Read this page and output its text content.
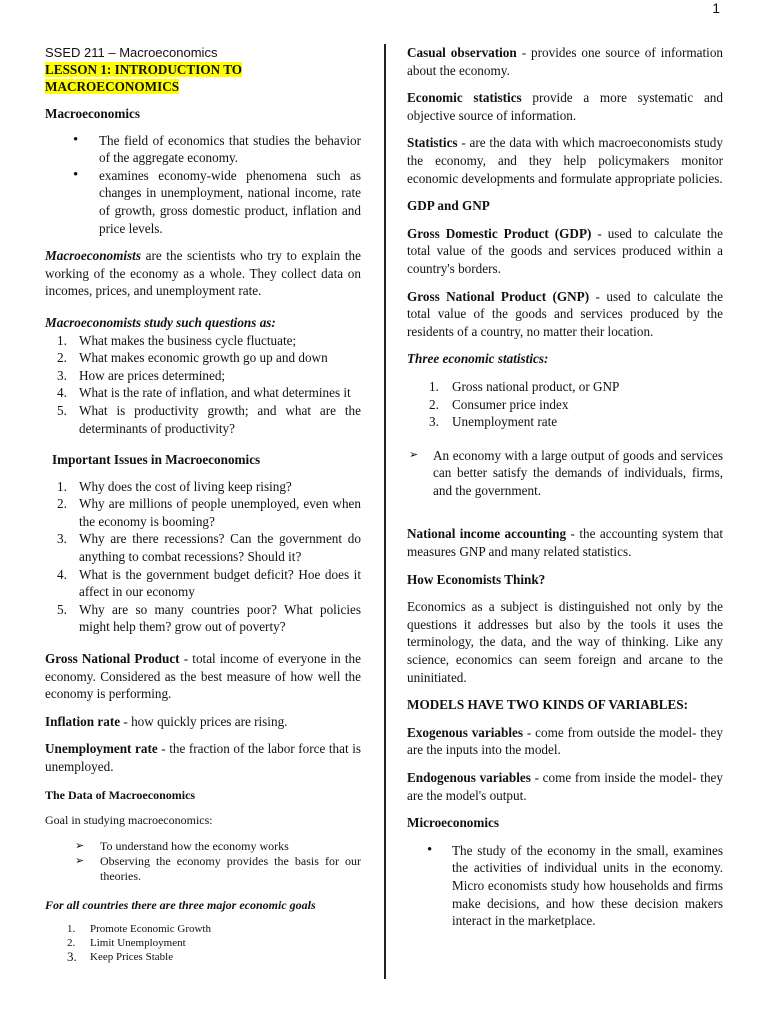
1
SSED 211 – Macroeconomics
LESSON 1: INTRODUCTION TO MACROECONOMICS

Macroeconomics

• The field of economics that studies the behavior of the aggregate economy.
• examines economy-wide phenomena such as changes in unemployment, national income, rate of growth, gross domestic product, inflation and price levels.

Macroeconomists are the scientists who try to explain the working of the economy as a whole. They collect data on incomes, prices, and unemployment rate.

Macroeconomists study such questions as:

1. What makes the business cycle fluctuate;
2. What makes economic growth go up and down
3. How are prices determined;
4. What is the rate of inflation, and what determines it
5. What is productivity growth; and what are the determinants of productivity?

Important Issues in Macroeconomics

1. Why does the cost of living keep rising?
2. Why are millions of people unemployed, even when the economy is booming?
3. Why are there recessions? Can the government do anything to combat recessions? Should it?
4. What is the government budget deficit? Hoe does it affect in our economy
5. Why are so many countries poor? What policies might help them? grow out of poverty?

Gross National Product - total income of everyone in the economy. Considered as the best measure of how well the economy is performing.

Inflation rate - how quickly prices are rising.

Unemployment rate - the fraction of the labor force that is unemployed.

The Data of Macroeconomics

Goal in studying macroeconomics:

➢ To understand how the economy works
➢ Observing the economy provides the basis for our theories.

For all countries there are three major economic goals

1. Promote Economic Growth
2. Limit Unemployment
3. Keep Prices Stable

Casual observation - provides one source of information about the economy.

Economic statistics provide a more systematic and objective source of information.

Statistics - are the data with which macroeconomists study the economy, and they help policymakers monitor economic developments and formulate appropriate policies.

GDP and GNP

Gross Domestic Product (GDP) - used to calculate the total value of the goods and services produced within a country's borders.

Gross National Product (GNP) - used to calculate the total value of the goods and services produced by the residents of a country, no matter their location.

Three economic statistics:

1. Gross national product, or GNP
2. Consumer price index
3. Unemployment rate
➢ An economy with a large output of goods and services can better satisfy the demands of individuals, firms, and the government.

National income accounting - the accounting system that measures GNP and many related statistics.

How Economists Think?

Economics as a subject is distinguished not only by the questions it addresses but also by the tools it uses the terminology, the data, and the way of thinking. Like any science, economics can seem foreign and arcane to the uninitiated.

MODELS HAVE TWO KINDS OF VARIABLES:

Exogenous variables - come from outside the model- they are the inputs into the model.

Endogenous variables - come from inside the model- they are the model's output.

Microeconomics

• The study of the economy in the small, examines the activities of individual units in the economy. Micro economists study how households and firms make decisions, and how these decision makers interact in the marketplace.
